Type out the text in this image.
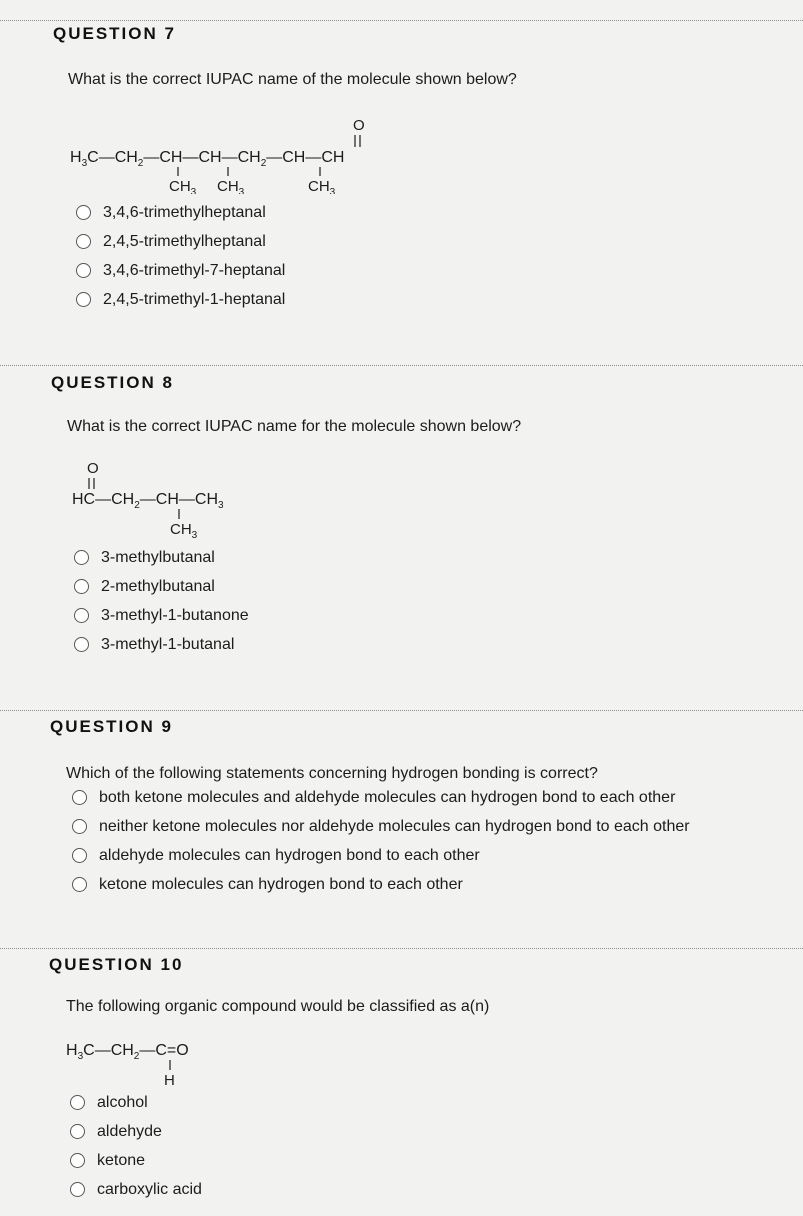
QUESTION 7

What is the correct IUPAC name of the molecule shown below?

O
$H_3C—CH_2—CH—CH—CH_2—CH—CH$
$CH_3$ $CH_3$	$CH_3$
3,4,6-trimethylheptanal
2,4,5-trimethylheptanal
3,4,6-trimethyl-7-heptanal
2,4,5-trimethyl-1-heptanal
QUESTION 8

What is the correct IUPAC name for the molecule shown below?

O
$HC—CH_2—CH—CH_3$
$CH_3$
3-methylbutanal
2-methylbutanal
3-methyl-1-butanone
3-methyl-1-butanal
QUESTION 9

Which of the following statements concerning hydrogen bonding is correct?

both ketone molecules and aldehyde molecules can hydrogen bond to each other
neither ketone molecules nor aldehyde molecules can hydrogen bond to each other
aldehyde molecules can hydrogen bond to each other
ketone molecules can hydrogen bond to each other
QUESTION 10

The following organic compound would be classified as a(n)

$H_3C—CH_2—C=O$
H
alcohol
aldehyde
ketone
carboxylic acid
